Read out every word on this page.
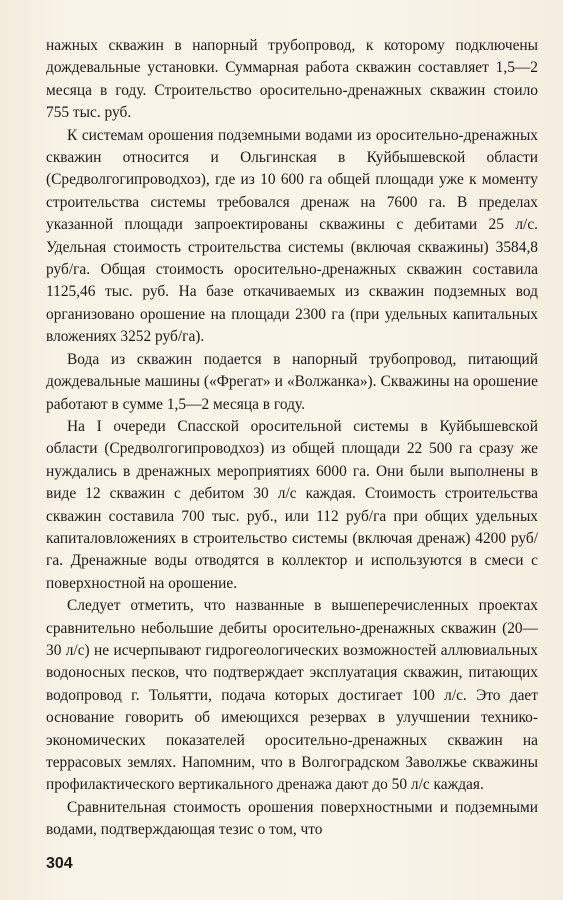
нажных скважин в напорный трубопровод, к которому подключены дождевальные установки. Суммарная работа скважин составляет 1,5—2 месяца в году. Строительство оросительно-дренажных скважин стоило 755 тыс. руб.

К системам орошения подземными водами из оросительно-дренажных скважин относится и Ольгинская в Куйбышевской области (Средволгогипроводхоз), где из 10 600 га общей площади уже к моменту строительства системы требовался дренаж на 7600 га. В пределах указанной площади запроектированы скважины с дебитами 25 л/с. Удельная стоимость строительства системы (включая скважины) 3584,8 руб/га. Общая стоимость оросительно-дренажных скважин составила 1125,46 тыс. руб. На базе откачиваемых из скважин подземных вод организовано орошение на площади 2300 га (при удельных капитальных вложениях 3252 руб/га).

Вода из скважин подается в напорный трубопровод, питающий дождевальные машины («Фрегат» и «Волжанка»). Скважины на орошение работают в сумме 1,5—2 месяца в году.

На I очереди Спасской оросительной системы в Куйбышевской области (Средволгогипроводхоз) из общей площади 22 500 га сразу же нуждались в дренажных мероприятиях 6000 га. Они были выполнены в виде 12 скважин с дебитом 30 л/с каждая. Стоимость строительства скважин составила 700 тыс. руб., или 112 руб/га при общих удельных капиталовложениях в строительство системы (включая дренаж) 4200 руб/га. Дренажные воды отводятся в коллектор и используются в смеси с поверхностной на орошение.

Следует отметить, что названные в вышеперечисленных проектах сравнительно небольшие дебиты оросительно-дренажных скважин (20—30 л/с) не исчерпывают гидрогеологических возможностей аллювиальных водоносных песков, что подтверждает эксплуатация скважин, питающих водопровод г. Тольятти, подача которых достигает 100 л/с. Это дает основание говорить об имеющихся резервах в улучшении технико-экономических показателей оросительно-дренажных скважин на террасовых землях. Напомним, что в Волгоградском Заволжье скважины профилактического вертикального дренажа дают до 50 л/с каждая.

Сравнительная стоимость орошения поверхностными и подземными водами, подтверждающая тезис о том, что

304
